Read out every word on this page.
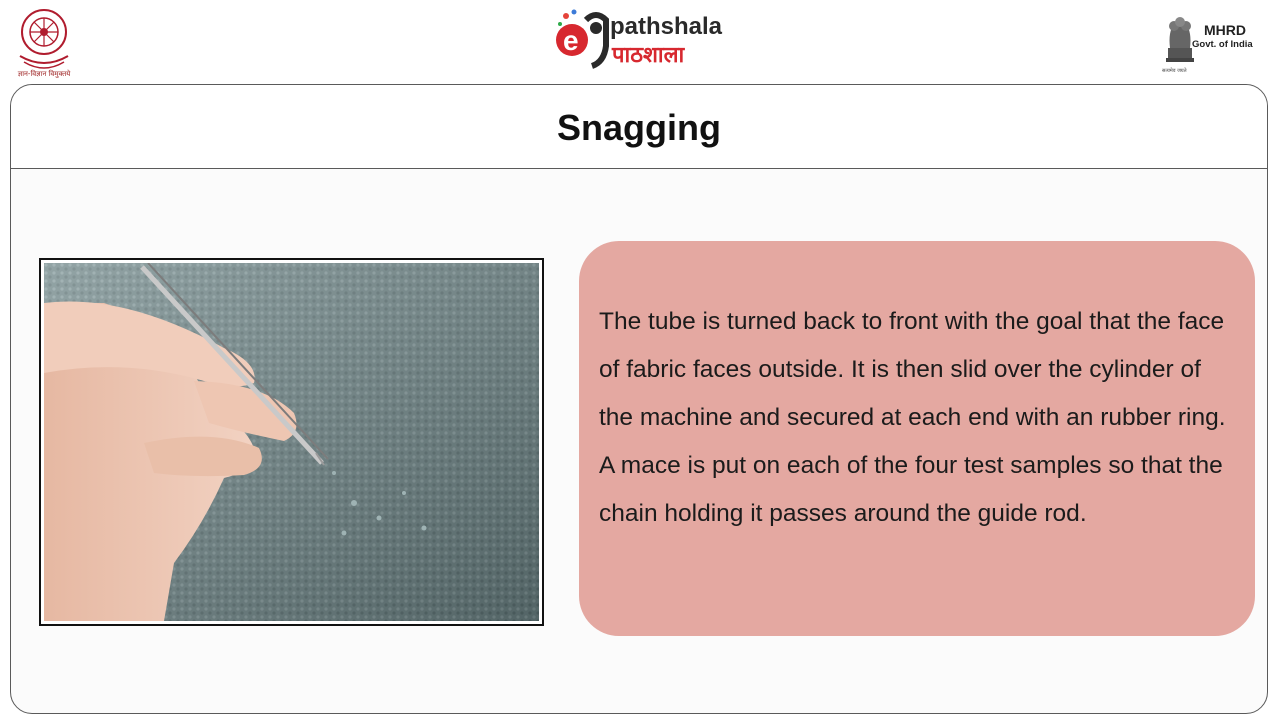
ज्ञान-विज्ञान विमुक्तये
e pathshala
पाठशाला
सत्यमेव जयते
MHRD
Govt. of India
Snagging
The tube is turned back to front with the goal that the face of fabric faces outside. It is then slid over the cylinder of the machine and secured at each end with an rubber ring. A mace is put on each of the four test samples so that the chain holding it passes around the guide rod.
